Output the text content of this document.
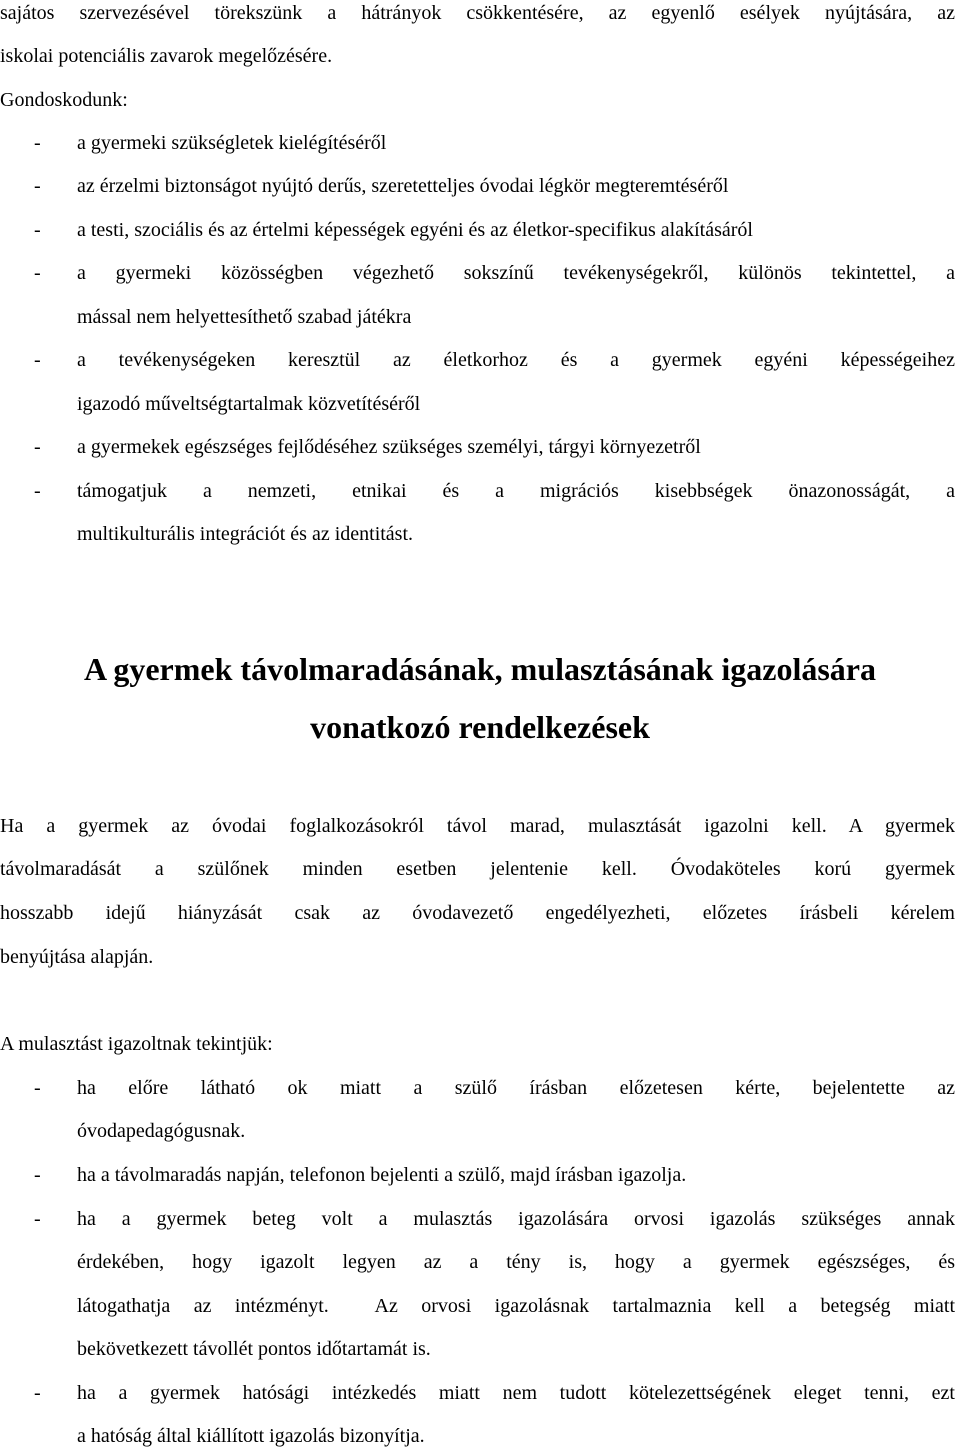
sajátos szervezésével törekszünk a hátrányok csökkentésére, az egyenlő esélyek nyújtására, az

iskolai potenciális zavarok megelőzésére.

Gondoskodunk:

- a gyermeki szükségletek kielégítéséről

- az érzelmi biztonságot nyújtó derűs, szeretetteljes óvodai légkör megteremtéséről

- a testi, szociális és az értelmi képességek egyéni és az életkor-specifikus alakításáról

- a gyermeki közösségben végezhető sokszínű tevékenységekről, különös tekintettel, a

mással nem helyettesíthető szabad játékra

- a tevékenységeken keresztül az életkorhoz és a gyermek egyéni képességeihez

igazodó műveltségtartalmak közvetítéséről

- a gyermekek egészséges fejlődéséhez szükséges személyi, tárgyi környezetről

- támogatjuk a nemzeti, etnikai és a migrációs kisebbségek önazonosságát, a

multikulturális integrációt és az identitást.

A gyermek távolmaradásának, mulasztásának igazolására
vonatkozó rendelkezések

Ha a gyermek az óvodai foglalkozásokról távol marad, mulasztását igazolni kell. A gyermek

távolmaradását a szülőnek minden esetben jelentenie kell. Óvodaköteles korú gyermek

hosszabb idejű hiányzását csak az óvodavezető engedélyezheti, előzetes írásbeli kérelem

benyújtása alapján.

A mulasztást igazoltnak tekintjük:

- ha előre látható ok miatt a szülő írásban előzetesen kérte, bejelentette az

óvodapedagógusnak.

- ha a távolmaradás napján, telefonon bejelenti a szülő, majd írásban igazolja.

- ha a gyermek beteg volt a mulasztás igazolására orvosi igazolás szükséges annak

érdekében, hogy igazolt legyen az a tény is, hogy a gyermek egészséges, és

látogathatja az intézményt.  Az orvosi igazolásnak tartalmaznia kell a betegség miatt

bekövetkezett távollét pontos időtartamát is.

- ha a gyermek hatósági intézkedés miatt nem tudott kötelezettségének eleget tenni, ezt

a hatóság által kiállított igazolás bizonyítja.
